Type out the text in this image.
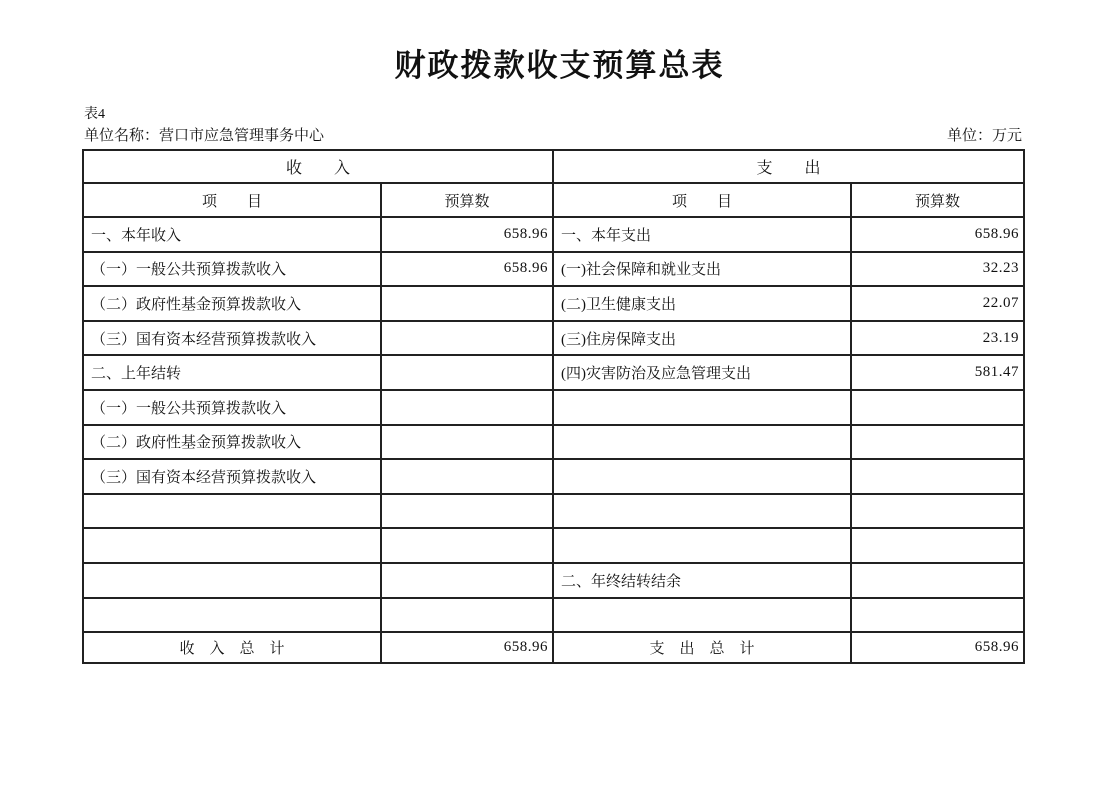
财政拨款收支预算总表
表4
单位名称：营口市应急管理事务中心	单位：万元
收　　入		支　　出	
项　　目	预算数	项　　目	预算数
一、本年收入	658.96	一、本年支出	658.96
（一）一般公共预算拨款收入	658.96	(一)社会保障和就业支出	32.23
（二）政府性基金预算拨款收入		(二)卫生健康支出	22.07
（三）国有资本经营预算拨款收入		(三)住房保障支出	23.19
二、上年结转		(四)灾害防治及应急管理支出	581.47
（一）一般公共预算拨款收入			
（二）政府性基金预算拨款收入			
（三）国有资本经营预算拨款收入			

		二、年终结转结余	

收　入　总　计	658.96	支　出　总　计	658.96
